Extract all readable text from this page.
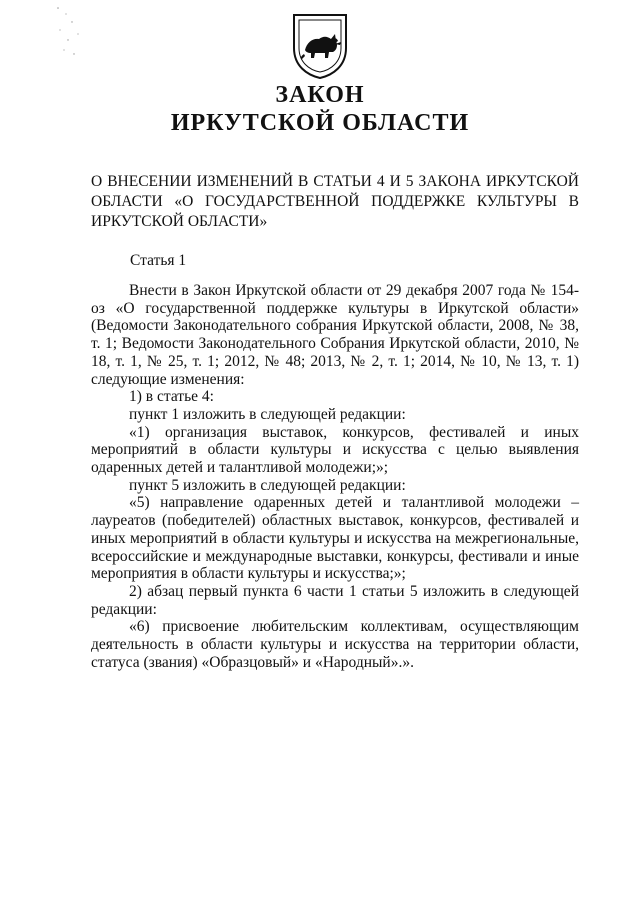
ЗАКОН
ИРКУТСКОЙ ОБЛАСТИ
О ВНЕСЕНИИ ИЗМЕНЕНИЙ В СТАТЬИ 4 И 5 ЗАКОНА ИРКУТСКОЙ ОБЛАСТИ «О ГОСУДАРСТВЕННОЙ ПОДДЕРЖКЕ КУЛЬТУРЫ В ИРКУТСКОЙ ОБЛАСТИ»
Статья 1

Внести в Закон Иркутской области от 29 декабря 2007 года № 154-оз «О государственной поддержке культуры в Иркутской области» (Ведомости Законодательного собрания Иркутской области, 2008, № 38, т. 1; Ведомости Законодательного Собрания Иркутской области, 2010, № 18, т. 1, № 25, т. 1; 2012, № 48; 2013, № 2, т. 1; 2014, № 10, № 13, т. 1) следующие изменения:

1) в статье 4:

пункт 1 изложить в следующей редакции:

«1) организация выставок, конкурсов, фестивалей и иных мероприятий в области культуры и искусства с целью выявления одаренных детей и талантливой молодежи;»;

пункт 5 изложить в следующей редакции:

«5) направление одаренных детей и талантливой молодежи – лауреатов (победителей) областных выставок, конкурсов, фестивалей и иных мероприятий в области культуры и искусства на межрегиональные, всероссийские и международные выставки, конкурсы, фестивали и иные мероприятия в области культуры и искусства;»;

2) абзац первый пункта 6 части 1 статьи 5 изложить в следующей редакции:

«6) присвоение любительским коллективам, осуществляющим деятельность в области культуры и искусства на территории области, статуса (звания) «Образцовый» и «Народный».».
